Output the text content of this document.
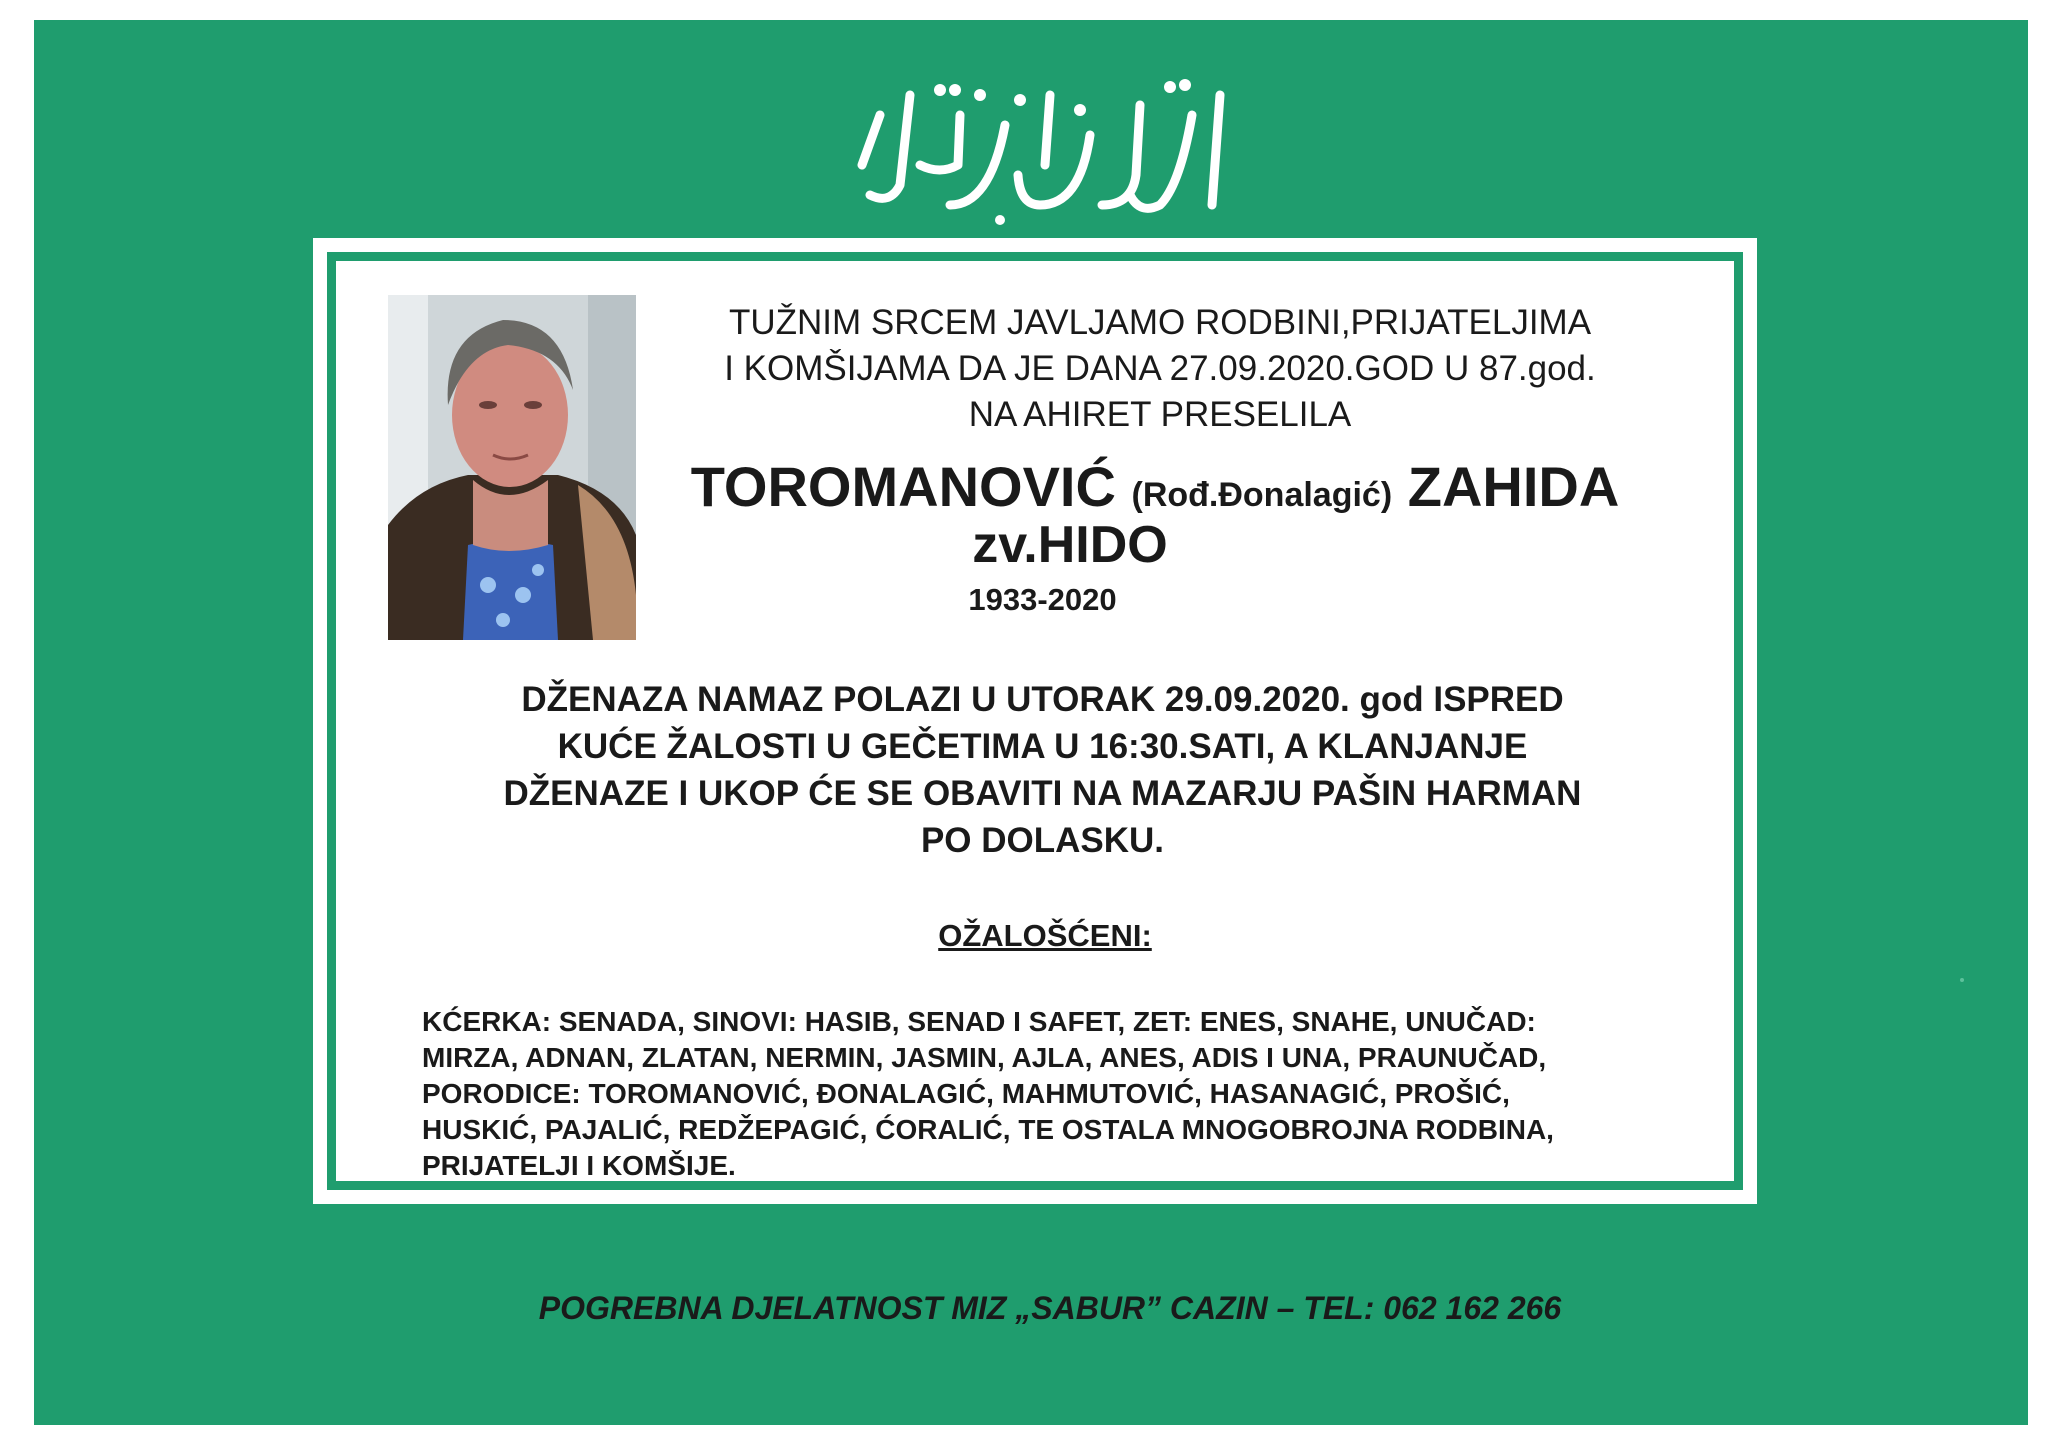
TUŽNIM SRCEM JAVLJAMO RODBINI,PRIJATELJIMA
I KOMŠIJAMA DA JE DANA 27.09.2020.GOD U 87.god.
NA AHIRET PRESELILA
TOROMANOVIĆ (Rođ.Đonalagić) ZAHIDA
zv.HIDO
1933-2020
DŽENAZA NAMAZ POLAZI U UTORAK 29.09.2020. god ISPRED
KUĆE ŽALOSTI U GEČETIMA U 16:30.SATI, A KLANJANJE
DŽENAZE I UKOP ĆE SE OBAVITI NA MAZARJU PAŠIN HARMAN
PO DOLASKU.
OŽALOŠĆENI:
KĆERKA: SENADA, SINOVI: HASIB, SENAD I SAFET, ZET: ENES, SNAHE, UNUČAD:
MIRZA, ADNAN, ZLATAN, NERMIN, JASMIN, AJLA, ANES, ADIS I UNA, PRAUNUČAD,
PORODICE: TOROMANOVIĆ, ĐONALAGIĆ, MAHMUTOVIĆ, HASANAGIĆ, PROŠIĆ,
HUSKIĆ, PAJALIĆ, REDŽEPAGIĆ, ĆORALIĆ, TE OSTALA MNOGOBROJNA RODBINA,
PRIJATELJI I KOMŠIJE.
POGREBNA DJELATNOST MIZ „SABUR” CAZIN – TEL: 062 162 266
